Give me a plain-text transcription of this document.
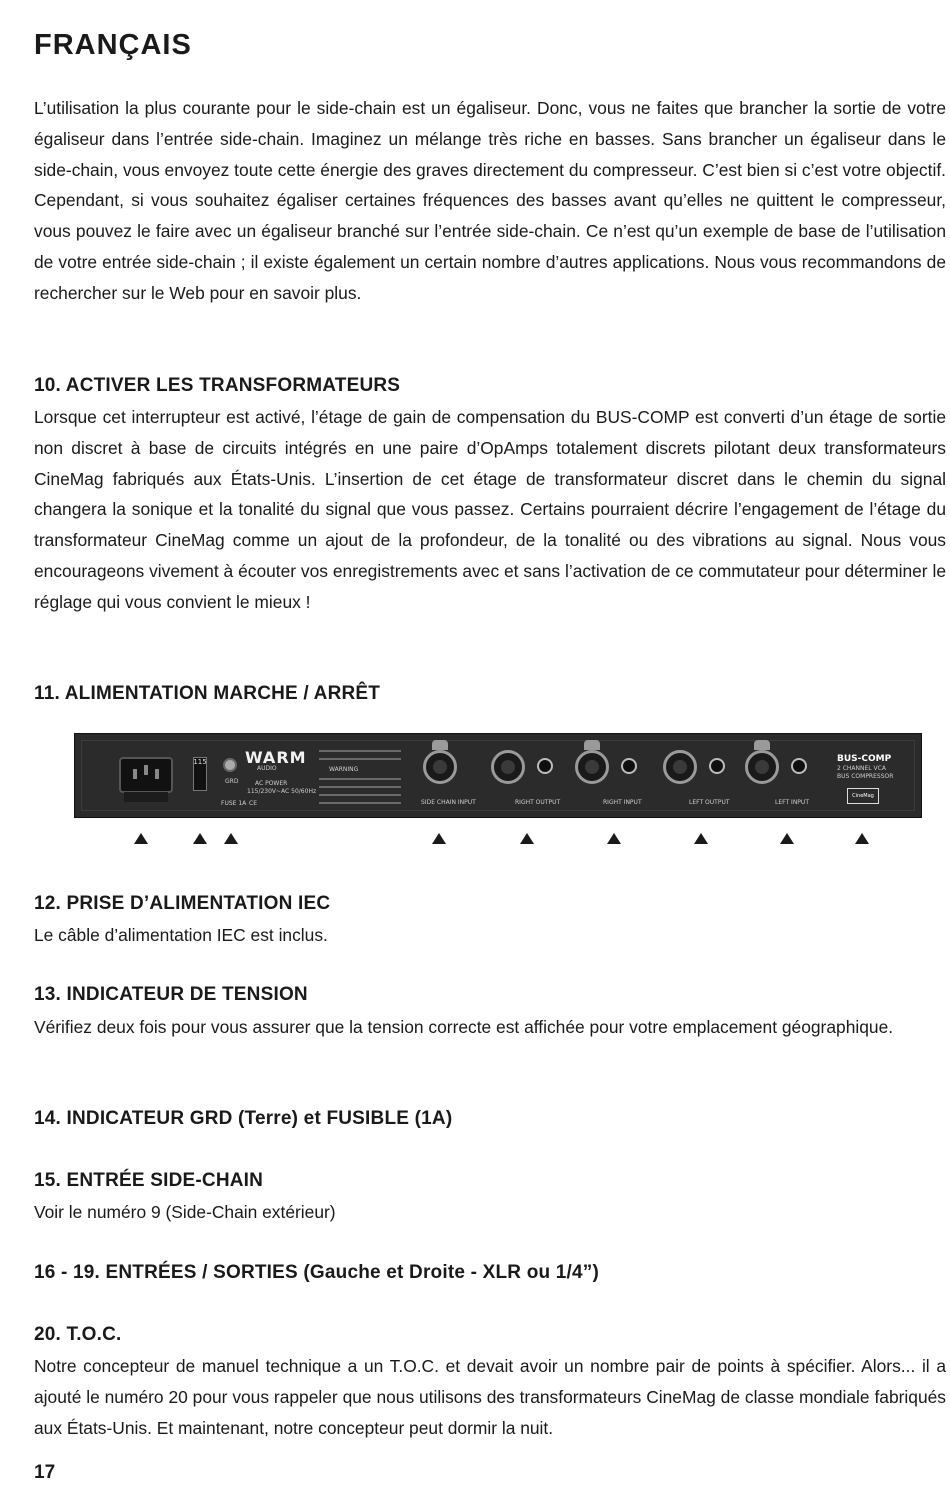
FRANÇAIS

L’utilisation la plus courante pour le side-chain est un égaliseur. Donc, vous ne faites que brancher la sortie de votre égaliseur dans l’entrée side-chain. Imaginez un mélange très riche en basses. Sans brancher un égaliseur dans le side-chain, vous envoyez toute cette énergie des graves directement du compresseur. C’est bien si c’est votre objectif. Cependant, si vous souhaitez égaliser certaines fréquences des basses avant qu’elles ne quittent le compresseur, vous pouvez le faire avec un égaliseur branché sur l’entrée side-chain. Ce n’est qu’un exemple de base de l’utilisation de votre entrée side-chain ; il existe également un certain nombre d’autres applications. Nous vous recommandons de rechercher sur le Web pour en savoir plus.

10. ACTIVER LES TRANSFORMATEURS

Lorsque cet interrupteur est activé, l’étage de gain de compensation du BUS-COMP est converti d’un étage de sortie non discret à base de circuits intégrés en une paire d’OpAmps totalement discrets pilotant deux transformateurs CineMag fabriqués aux États-Unis. L’insertion de cet étage de transformateur discret dans le chemin du signal changera la sonique et la tonalité du signal que vous passez. Certains pourraient décrire l’engagement de l’étage du transformateur CineMag comme un ajout de la profondeur, de la tonalité ou des vibrations au signal. Nous vous encourageons vivement à écouter vos enregistrements avec et sans l’activation de ce commutateur pour déterminer le réglage qui vous convient le mieux !

11. ALIMENTATION MARCHE / ARRÊT
115
GRD
FUSE 1A
WARM
AUDIO
AC POWER
115/230V~AC 50/60Hz
CE
WARNING
SIDE CHAIN INPUT	RIGHT OUTPUT	RIGHT INPUT	LEFT OUTPUT	LEFT INPUT
BUS-COMP
2 CHANNEL VCA
BUS COMPRESSOR
CineMag
12. PRISE D’ALIMENTATION IEC

Le câble d’alimentation IEC est inclus.

13. INDICATEUR DE TENSION

Vérifiez deux fois pour vous assurer que la tension correcte est affichée pour votre emplacement géographique.

14. INDICATEUR GRD (Terre) et FUSIBLE (1A)
15. ENTRÉE SIDE-CHAIN

Voir le numéro 9 (Side-Chain extérieur)

16 - 19. ENTRÉES / SORTIES (Gauche et Droite - XLR ou 1/4”)
20. T.O.C.

Notre concepteur de manuel technique a un T.O.C. et devait avoir un nombre pair de points à spécifier. Alors... il a ajouté le numéro 20 pour vous rappeler que nous utilisons des transformateurs CineMag de classe mondiale fabriqués aux États-Unis. Et maintenant, notre concepteur peut dormir la nuit.

17
